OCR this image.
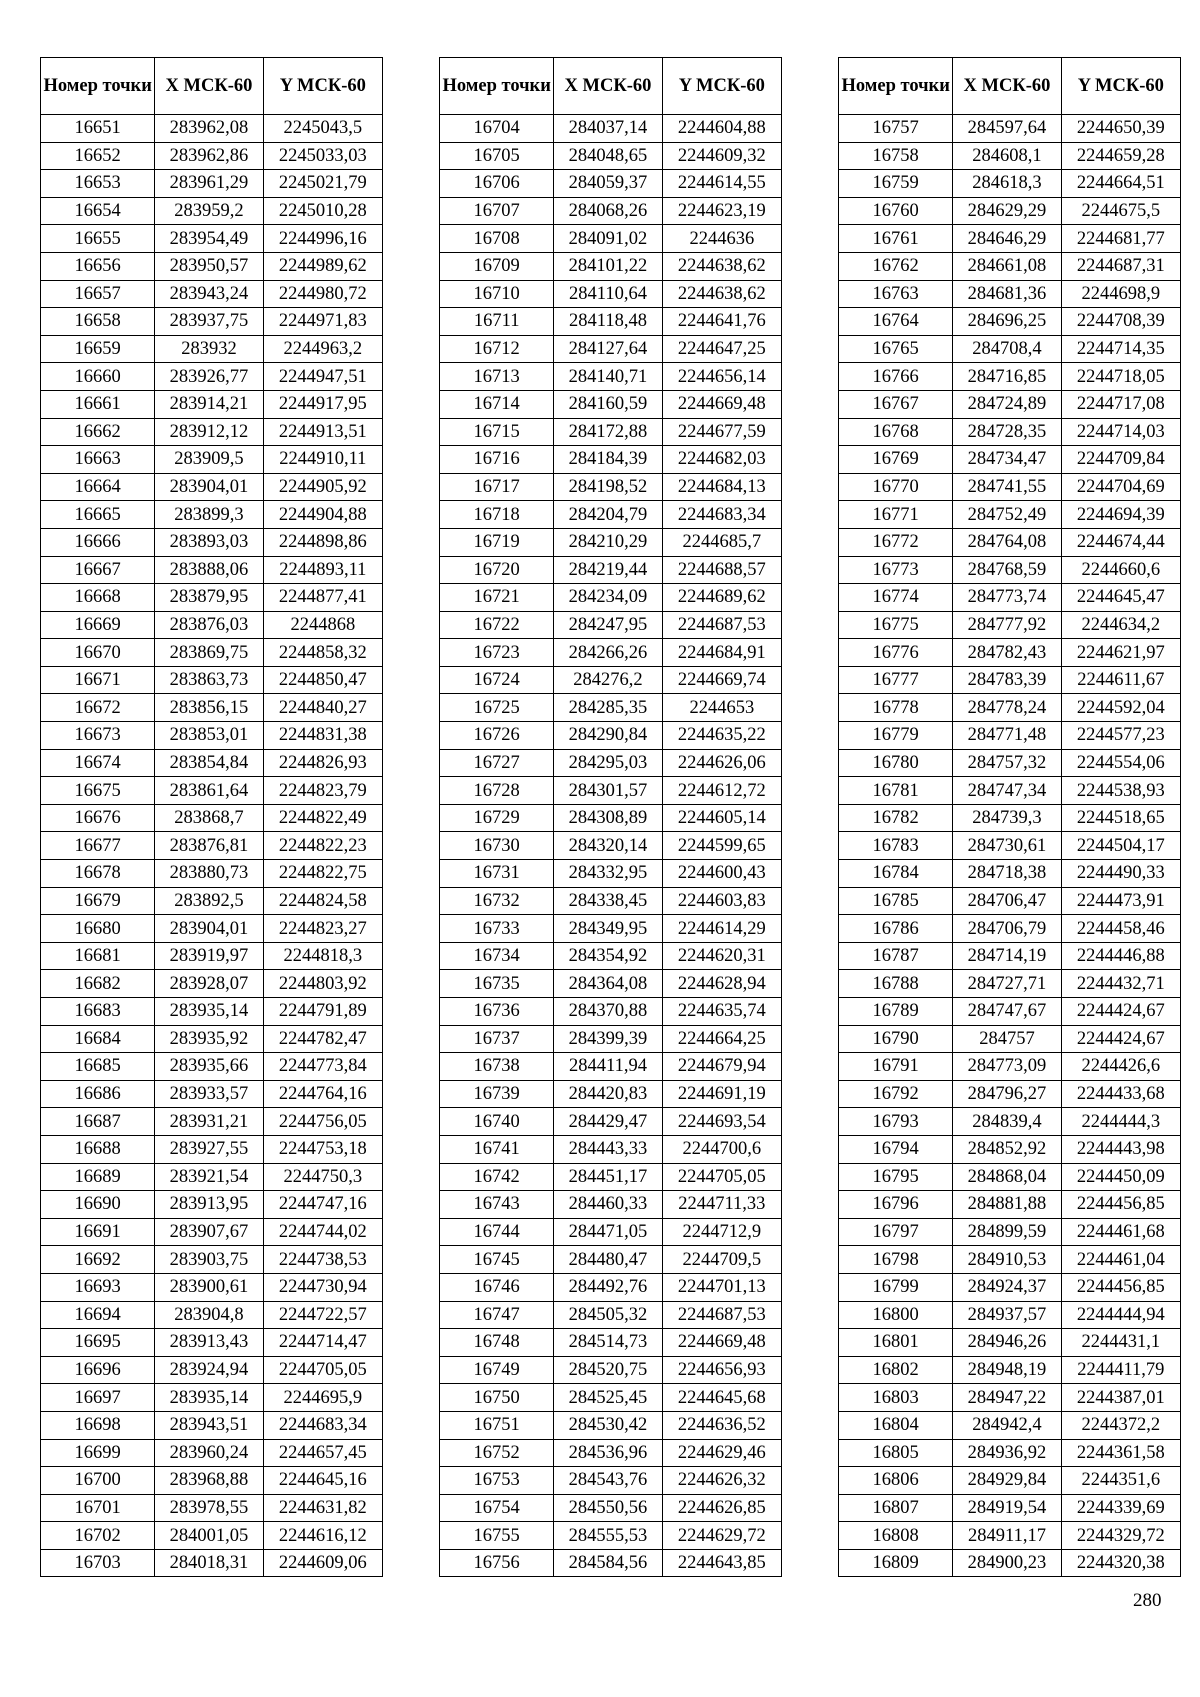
Номер точки	X МСК-60	Y МСК-60
16651	283962,08	2245043,5
16652	283962,86	2245033,03
16653	283961,29	2245021,79
16654	283959,2	2245010,28
16655	283954,49	2244996,16
16656	283950,57	2244989,62
16657	283943,24	2244980,72
16658	283937,75	2244971,83
16659	283932	2244963,2
16660	283926,77	2244947,51
16661	283914,21	2244917,95
16662	283912,12	2244913,51
16663	283909,5	2244910,11
16664	283904,01	2244905,92
16665	283899,3	2244904,88
16666	283893,03	2244898,86
16667	283888,06	2244893,11
16668	283879,95	2244877,41
16669	283876,03	2244868
16670	283869,75	2244858,32
16671	283863,73	2244850,47
16672	283856,15	2244840,27
16673	283853,01	2244831,38
16674	283854,84	2244826,93
16675	283861,64	2244823,79
16676	283868,7	2244822,49
16677	283876,81	2244822,23
16678	283880,73	2244822,75
16679	283892,5	2244824,58
16680	283904,01	2244823,27
16681	283919,97	2244818,3
16682	283928,07	2244803,92
16683	283935,14	2244791,89
16684	283935,92	2244782,47
16685	283935,66	2244773,84
16686	283933,57	2244764,16
16687	283931,21	2244756,05
16688	283927,55	2244753,18
16689	283921,54	2244750,3
16690	283913,95	2244747,16
16691	283907,67	2244744,02
16692	283903,75	2244738,53
16693	283900,61	2244730,94
16694	283904,8	2244722,57
16695	283913,43	2244714,47
16696	283924,94	2244705,05
16697	283935,14	2244695,9
16698	283943,51	2244683,34
16699	283960,24	2244657,45
16700	283968,88	2244645,16
16701	283978,55	2244631,82
16702	284001,05	2244616,12
16703	284018,31	2244609,06
Номер точки	X МСК-60	Y МСК-60
16704	284037,14	2244604,88
16705	284048,65	2244609,32
16706	284059,37	2244614,55
16707	284068,26	2244623,19
16708	284091,02	2244636
16709	284101,22	2244638,62
16710	284110,64	2244638,62
16711	284118,48	2244641,76
16712	284127,64	2244647,25
16713	284140,71	2244656,14
16714	284160,59	2244669,48
16715	284172,88	2244677,59
16716	284184,39	2244682,03
16717	284198,52	2244684,13
16718	284204,79	2244683,34
16719	284210,29	2244685,7
16720	284219,44	2244688,57
16721	284234,09	2244689,62
16722	284247,95	2244687,53
16723	284266,26	2244684,91
16724	284276,2	2244669,74
16725	284285,35	2244653
16726	284290,84	2244635,22
16727	284295,03	2244626,06
16728	284301,57	2244612,72
16729	284308,89	2244605,14
16730	284320,14	2244599,65
16731	284332,95	2244600,43
16732	284338,45	2244603,83
16733	284349,95	2244614,29
16734	284354,92	2244620,31
16735	284364,08	2244628,94
16736	284370,88	2244635,74
16737	284399,39	2244664,25
16738	284411,94	2244679,94
16739	284420,83	2244691,19
16740	284429,47	2244693,54
16741	284443,33	2244700,6
16742	284451,17	2244705,05
16743	284460,33	2244711,33
16744	284471,05	2244712,9
16745	284480,47	2244709,5
16746	284492,76	2244701,13
16747	284505,32	2244687,53
16748	284514,73	2244669,48
16749	284520,75	2244656,93
16750	284525,45	2244645,68
16751	284530,42	2244636,52
16752	284536,96	2244629,46
16753	284543,76	2244626,32
16754	284550,56	2244626,85
16755	284555,53	2244629,72
16756	284584,56	2244643,85
Номер точки	X МСК-60	Y МСК-60
16757	284597,64	2244650,39
16758	284608,1	2244659,28
16759	284618,3	2244664,51
16760	284629,29	2244675,5
16761	284646,29	2244681,77
16762	284661,08	2244687,31
16763	284681,36	2244698,9
16764	284696,25	2244708,39
16765	284708,4	2244714,35
16766	284716,85	2244718,05
16767	284724,89	2244717,08
16768	284728,35	2244714,03
16769	284734,47	2244709,84
16770	284741,55	2244704,69
16771	284752,49	2244694,39
16772	284764,08	2244674,44
16773	284768,59	2244660,6
16774	284773,74	2244645,47
16775	284777,92	2244634,2
16776	284782,43	2244621,97
16777	284783,39	2244611,67
16778	284778,24	2244592,04
16779	284771,48	2244577,23
16780	284757,32	2244554,06
16781	284747,34	2244538,93
16782	284739,3	2244518,65
16783	284730,61	2244504,17
16784	284718,38	2244490,33
16785	284706,47	2244473,91
16786	284706,79	2244458,46
16787	284714,19	2244446,88
16788	284727,71	2244432,71
16789	284747,67	2244424,67
16790	284757	2244424,67
16791	284773,09	2244426,6
16792	284796,27	2244433,68
16793	284839,4	2244444,3
16794	284852,92	2244443,98
16795	284868,04	2244450,09
16796	284881,88	2244456,85
16797	284899,59	2244461,68
16798	284910,53	2244461,04
16799	284924,37	2244456,85
16800	284937,57	2244444,94
16801	284946,26	2244431,1
16802	284948,19	2244411,79
16803	284947,22	2244387,01
16804	284942,4	2244372,2
16805	284936,92	2244361,58
16806	284929,84	2244351,6
16807	284919,54	2244339,69
16808	284911,17	2244329,72
16809	284900,23	2244320,38
280
